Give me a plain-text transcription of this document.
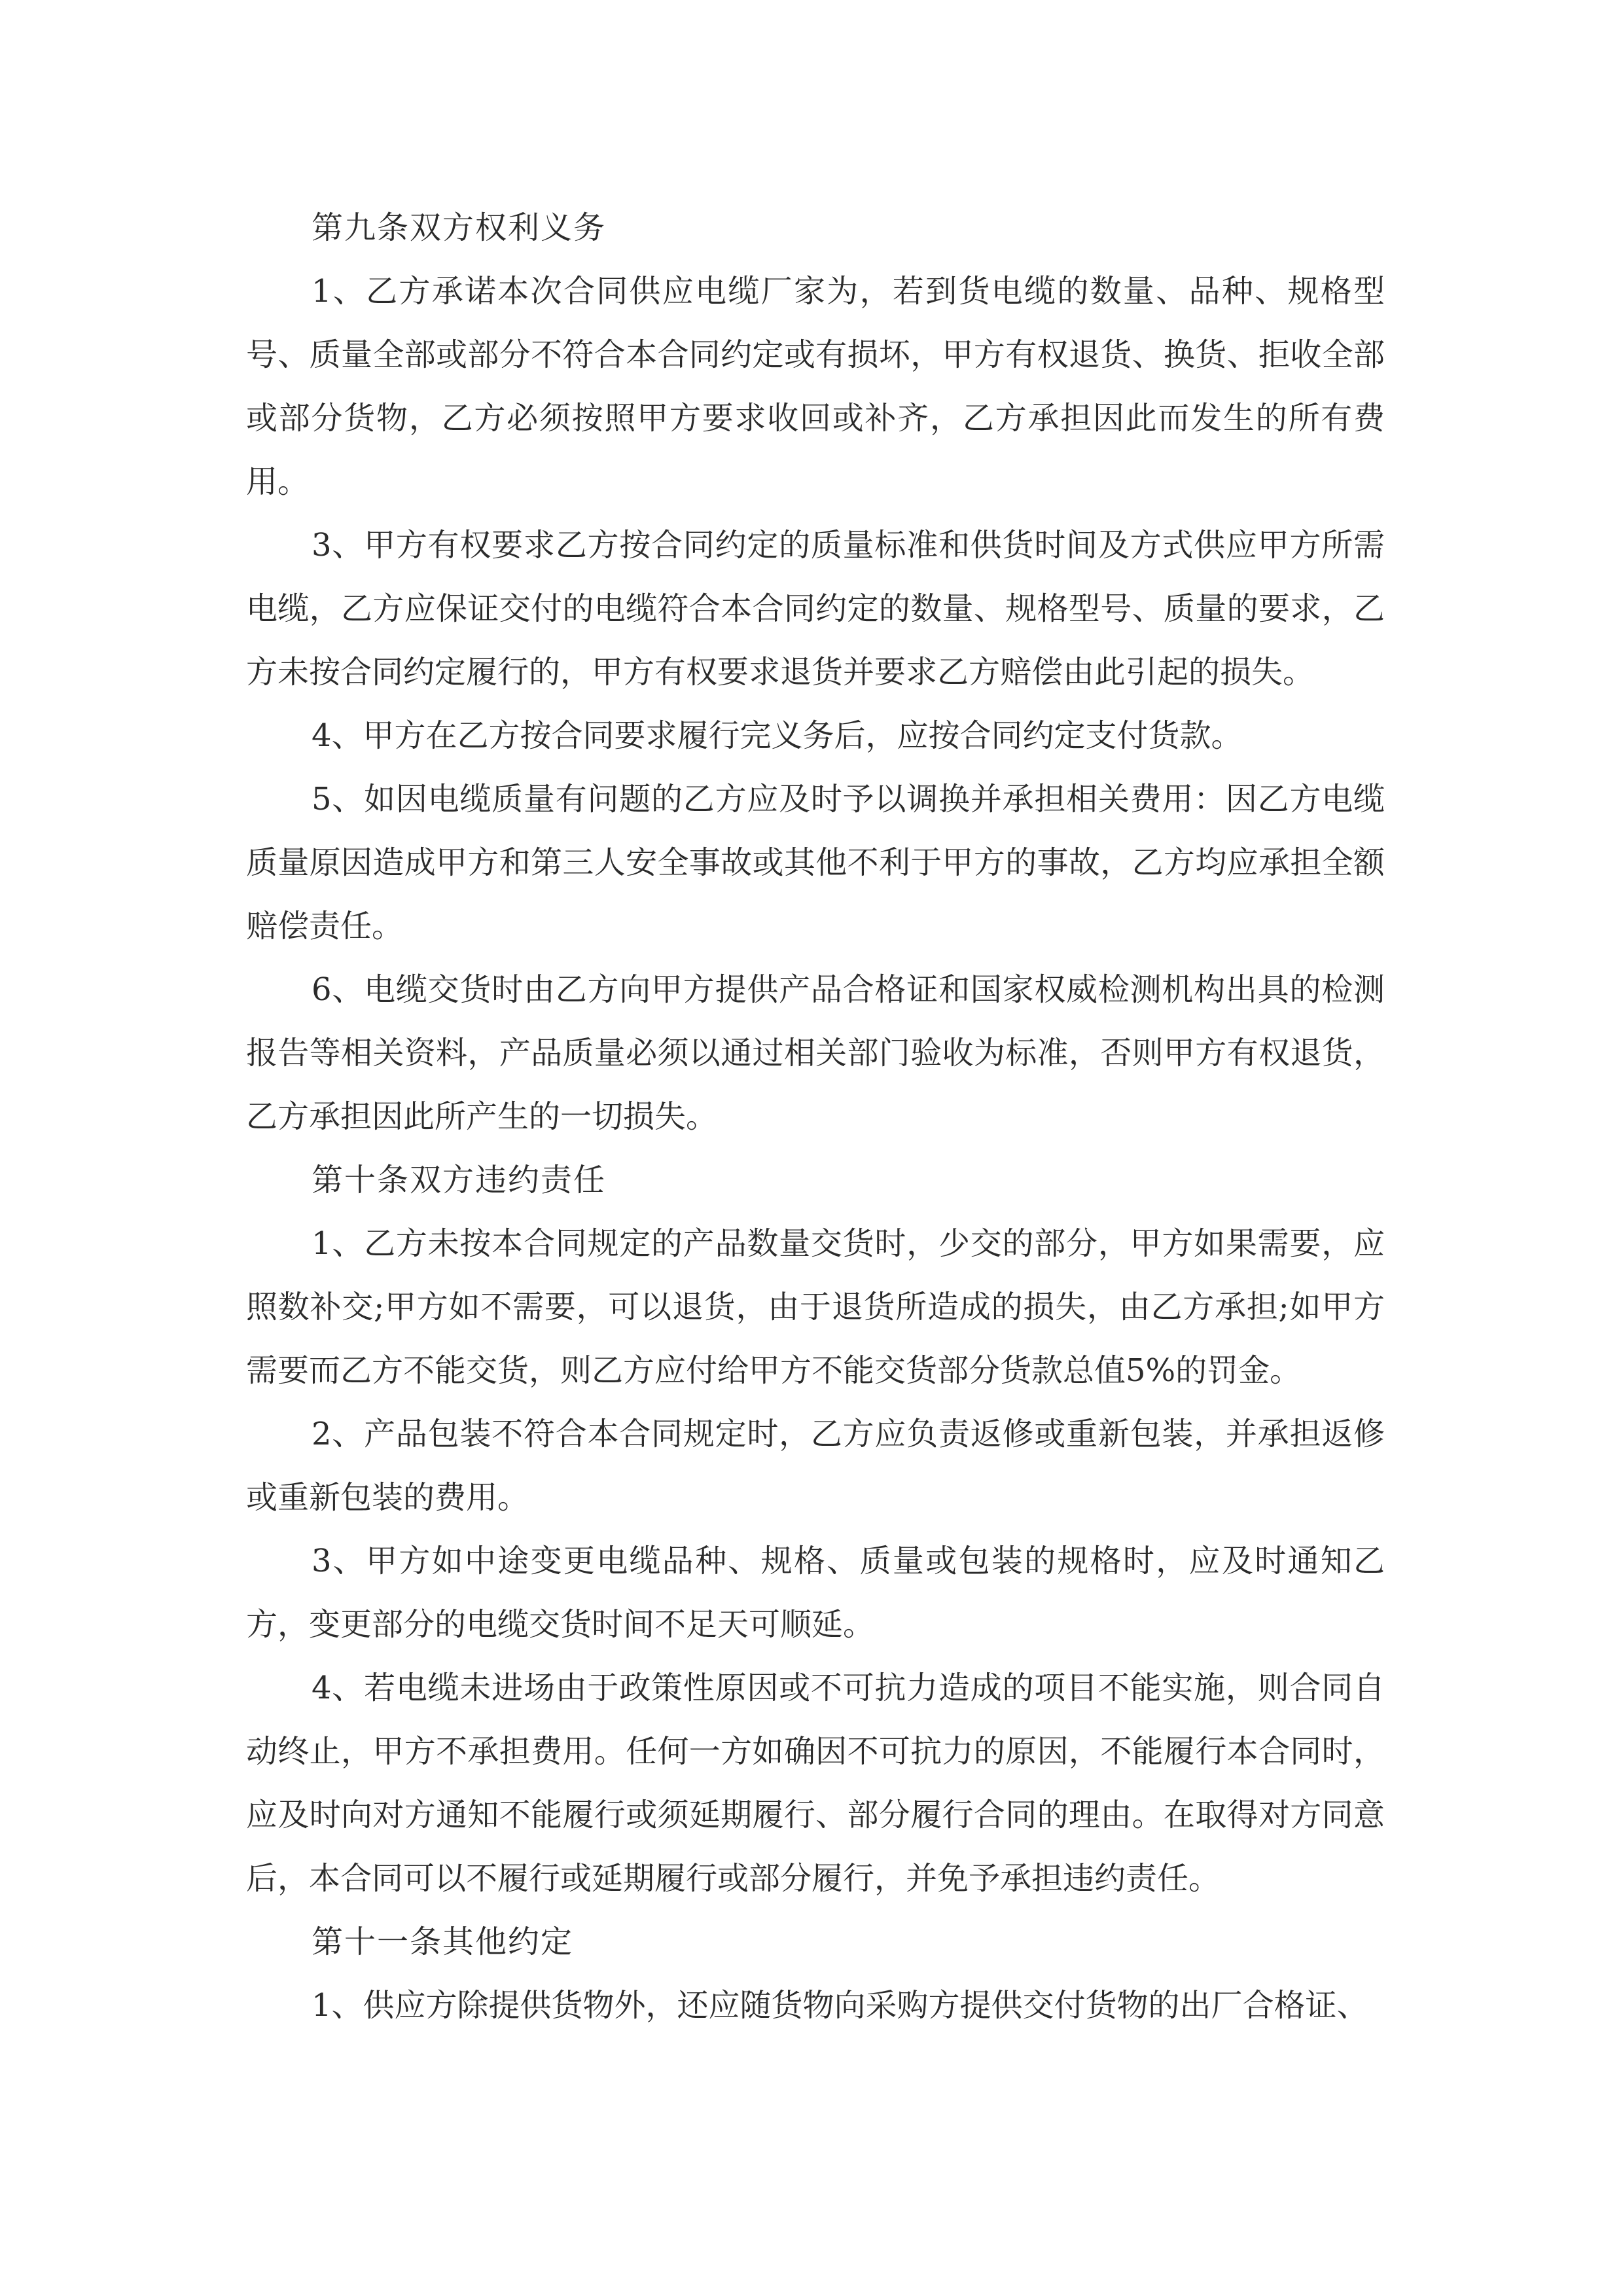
第九条双方权利义务

1、乙方承诺本次合同供应电缆厂家为，若到货电缆的数量、品种、规格型号、质量全部或部分不符合本合同约定或有损坏，甲方有权退货、换货、拒收全部或部分货物，乙方必须按照甲方要求收回或补齐，乙方承担因此而发生的所有费用。

3、甲方有权要求乙方按合同约定的质量标准和供货时间及方式供应甲方所需电缆，乙方应保证交付的电缆符合本合同约定的数量、规格型号、质量的要求，乙方未按合同约定履行的，甲方有权要求退货并要求乙方赔偿由此引起的损失。

4、甲方在乙方按合同要求履行完义务后，应按合同约定支付货款。

5、如因电缆质量有问题的乙方应及时予以调换并承担相关费用：因乙方电缆质量原因造成甲方和第三人安全事故或其他不利于甲方的事故，乙方均应承担全额赔偿责任。

6、电缆交货时由乙方向甲方提供产品合格证和国家权威检测机构出具的检测报告等相关资料，产品质量必须以通过相关部门验收为标准，否则甲方有权退货，乙方承担因此所产生的一切损失。

第十条双方违约责任

1、乙方未按本合同规定的产品数量交货时，少交的部分，甲方如果需要，应照数补交;甲方如不需要，可以退货，由于退货所造成的损失，由乙方承担;如甲方需要而乙方不能交货，则乙方应付给甲方不能交货部分货款总值5%的罚金。

2、产品包装不符合本合同规定时，乙方应负责返修或重新包装，并承担返修或重新包装的费用。

3、甲方如中途变更电缆品种、规格、质量或包装的规格时，应及时通知乙方，变更部分的电缆交货时间不足天可顺延。

4、若电缆未进场由于政策性原因或不可抗力造成的项目不能实施，则合同自动终止，甲方不承担费用。任何一方如确因不可抗力的原因，不能履行本合同时，应及时向对方通知不能履行或须延期履行、部分履行合同的理由。在取得对方同意后，本合同可以不履行或延期履行或部分履行，并免予承担违约责任。

第十一条其他约定

1、供应方除提供货物外，还应随货物向采购方提供交付货物的出厂合格证、
